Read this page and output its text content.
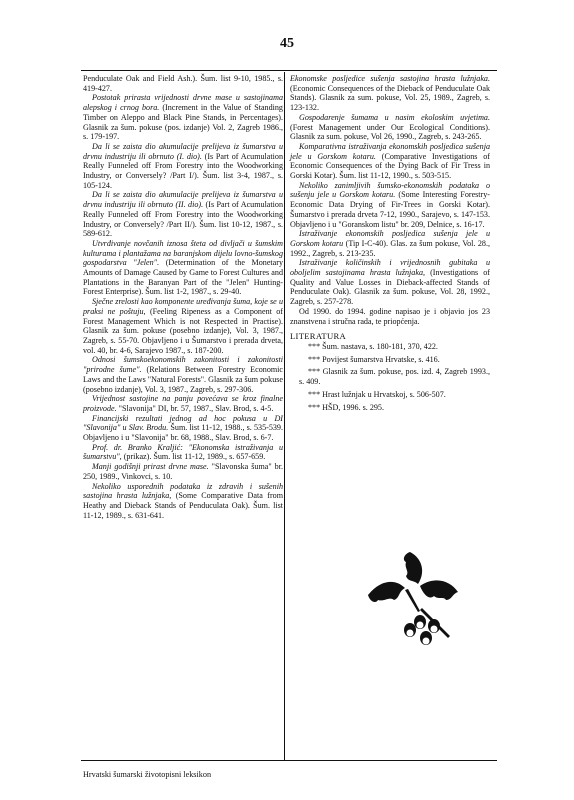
45

Penduculate Oak and Field Ash.). Šum. list 9-10, 1985., s. 419-427.

Postotak prirasta vrijednosti drvne mase u sastojinama alepskog i crnog bora. (Increment in the Value of Standing Timber on Aleppo and Black Pine Stands, in Percentages). Glasnik za šum. pokuse (pos. izdanje) Vol. 2, Zagreb 1986., s. 179-197.

Da li se zaista dio akumulacije prelijeva iz šumarstva u drvnu industriju ili obrnuto (I. dio). (Is Part of Acumulation Really Funneled off From Forestry into the Woodworking Industry, or Conversely? /Part I/). Šum. list 3-4, 1987., s. 105-124.

Da li se zaista dio akumulacije prelijeva iz šumarstva u drvnu industriju ili obrnuto (II. dio). (Is Part of Acumulation Really Funneled off From Forestry into the Woodworking Industry, or Conversely? /Part II/). Šum. list 10-12, 1987., s. 589-612.

Utvrđivanje novčanih iznosa šteta od divljači u šumskim kulturama i plantažama na baranjskom dijelu lovno-šumskog gospodarstva "Jelen". (Determination of the Monetary Amounts of Damage Caused by Game to Forest Cultures and Plantations in the Baranyan Part of the "Jelen" Hunting-Forest Enterprise). Šum. list 1-2, 1987., s. 29-40.

Sječne zrelosti kao komponente uređivanja šuma, koje se u praksi ne poštuju, (Feeling Ripeness as a Component of Forest Management Which is not Respected in Practise). Glasnik za šum. pokuse (posebno izdanje), Vol. 3, 1987., Zagreb, s. 55-70. Objavljeno i u Šumarstvo i prerada drveta, vol. 40, br. 4-6, Sarajevo 1987., s. 187-200.

Odnosi šumskoekonomskih zakonitosti i zakonitosti "prirodne šume". (Relations Between Forestry Economic Laws and the Laws "Natural Forests". Glasnik za šum pokuse (posebno izdanje), Vol. 3, 1987., Zagreb, s. 297-306.

Vrijednost sastojine na panju povećava se kroz finalne proizvode. "Slavonija" DI, br. 57, 1987., Slav. Brod, s. 4-5.

Financijski rezultati jednog ad hoc pokusa u DI "Slavonija" u Slav. Brodu. Šum. list 11-12, 1988., s. 535-539. Objavljeno i u "Slavonija" br. 68, 1988., Slav. Brod, s. 6-7.

Prof. dr. Branko Kraljić: "Ekonomska istraživanja u šumarstvu", (prikaz). Šum. list 11-12, 1989., s. 657-659.

Manji godišnji prirast drvne mase. "Slavonska šuma" br. 250, 1989., Vinkovci, s. 10.

Nekoliko usporednih podataka iz zdravih i sušenih sastojina hrasta lužnjaka, (Some Comparative Data from Heathy and Dieback Stands of Penduculata Oak). Šum. list 11-12, 1989., s. 631-641.

Ekonomske posljedice sušenja sastojina hrasta lužnjaka. (Economic Consequences of the Dieback of Penduculate Oak Stands). Glasnik za sum. pokuse, Vol. 25, 1989., Zagreb, s. 123-132.

Gospodarenje šumama u nasim ekoloskim uvjetima. (Forest Management under Our Ecological Conditions). Glasnik za sum. pokuse, Vol 26, 1990., Zagreb, s. 243-265.

Komparativna istraživanja ekonomskih posljedica sušenja jele u Gorskom kotaru. (Comparative Investigations of Economic Consequences of the Dying Back of Fir Tress in Gorski Kotar). Šum. list 11-12, 1990., s. 503-515.

Nekoliko zanimljivih šumsko-ekonomskih podataka o sušenju jele u Gorskom kotaru. (Some Interesting Forestry-Economic Data Drying of Fir-Trees in Gorski Kotar). Šumarstvo i prerada drveta 7-12, 1990., Sarajevo, s. 147-153. Objavljeno i u "Goranskom listu" br. 209, Delnice, s. 16-17.

Istraživanje ekonomskih posljedica sušenja jele u Gorskom kotaru (Tip I-C-40). Glas. za šum pokuse, Vol. 28., 1992., Zagreb, s. 213-235.

Istraživanje količinskih i vrijednosnih gubitaka u oboljelim sastojinama hrasta lužnjaka, (Investigations of Quality and Value Losses in Dieback-affected Stands of Penduculate Oak). Glasnik za šum. pokuse, Vol. 28, 1992., Zagreb, s. 257-278.

Od 1990. do 1994. godine napisao je i objavio jos 23 znanstvena i stručna rada, te priopćenja.

LITERATURA

*** Šum. nastava, s. 180-181, 370, 422.

*** Povijest šumarstva Hrvatske, s. 416.

*** Glasnik za šum. pokuse, pos. izd. 4, Zagreb 1993., s. 409.

*** Hrast lužnjak u Hrvatskoj, s. 506-507.

*** HŠD, 1996. s. 295.

Hrvatski šumarski životopisni leksikon
